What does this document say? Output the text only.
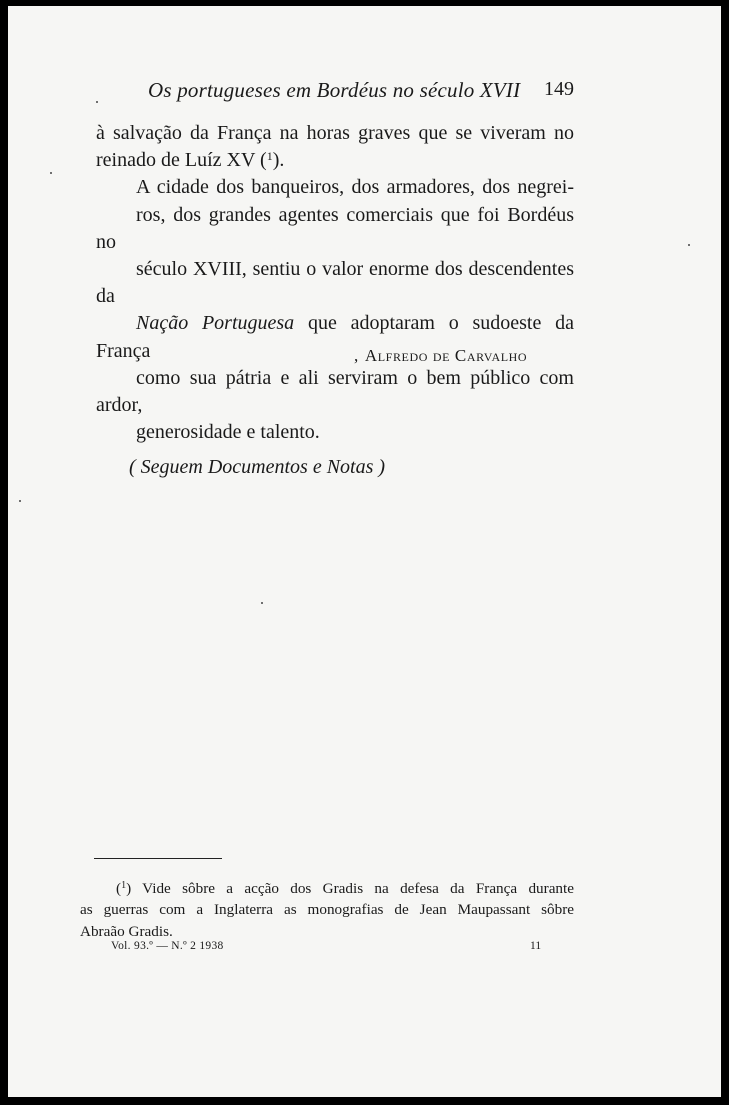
Os portugueses em Bordéus no século XVII 149

à salvação da França na horas graves que se viveram no
reinado de Luíz XV ($^1$).

A cidade dos banqueiros, dos armadores, dos negrei-
ros, dos grandes agentes comerciais que foi Bordéus no
século XVIII, sentiu o valor enorme dos descendentes da
Nação Portuguesa que adoptaram o sudoeste da França
como sua pátria e ali serviram o bem público com ardor,
generosidade e talento.

, Alfredo de Carvalho
( Seguem Documentos e Notas )
($^1$) Vide sôbre a acção dos Gradis na defesa da França durante
as guerras com a Inglaterra as monografias de Jean Maupassant sôbre
Abraão Gradis.
Vol. 93.º — N.º 2 1938	11
